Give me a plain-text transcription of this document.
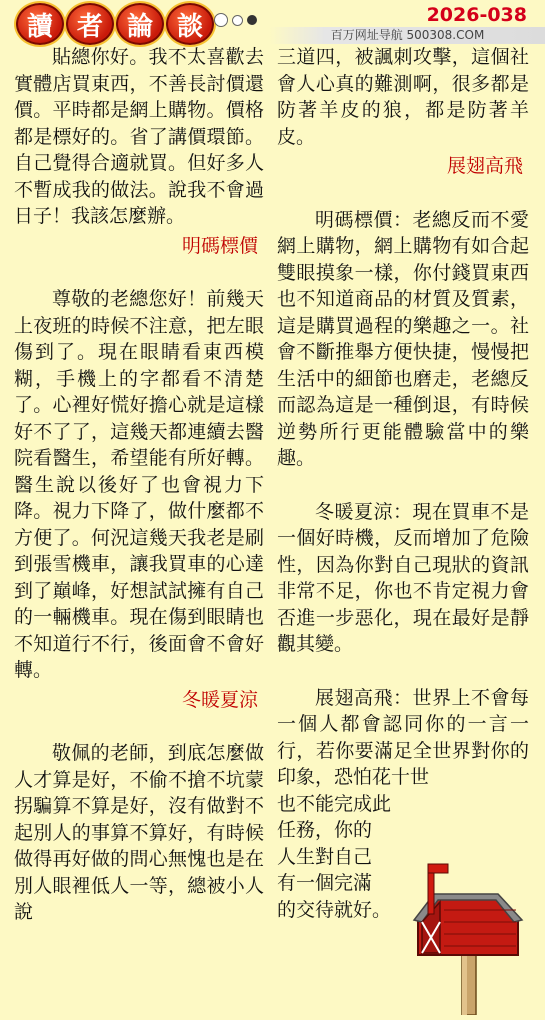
讀 者 論 談	2026-038
百万网址导航 500308.COM

貼總你好。我不太喜歡去實體店買東西，不善長討價還價。平時都是網上購物。價格都是標好的。省了講價環節。自己覺得合適就買。但好多人不暫成我的做法。說我不會過日子！我該怎麼辦。

明碼標價

尊敬的老總您好！前幾天上夜班的時候不注意，把左眼傷到了。現在眼睛看東西模糊，手機上的字都看不清楚了。心裡好慌好擔心就是這樣好不了了，這幾天都連續去醫院看醫生，希望能有所好轉。醫生說以後好了也會視力下降。視力下降了，做什麼都不方便了。何況這幾天我老是刷到張雪機車，讓我買車的心達到了巔峰，好想試試擁有自己的一輛機車。現在傷到眼睛也不知道行不行，後面會不會好轉。

冬暖夏涼

敬佩的老師，到底怎麼做人才算是好，不偷不搶不坑蒙拐騙算不算是好，沒有做對不起別人的事算不算好，有時候做得再好做的問心無愧也是在別人眼裡低人一等，總被小人說

三道四，被諷刺攻擊，這個社會人心真的難測啊，很多都是防著羊皮的狼，都是防著羊皮。

展翅高飛

明碼標價：老總反而不愛網上購物，網上購物有如合起雙眼摸象一樣，你付錢買東西也不知道商品的材質及質素，這是購買過程的樂趣之一。社會不斷推舉方便快捷，慢慢把生活中的細節也磨走，老總反而認為這是一種倒退，有時候逆勢所行更能體驗當中的樂趣。

冬暖夏涼：現在買車不是一個好時機，反而增加了危險性，因為你對自己現狀的資訊非常不足，你也不肯定視力會否進一步惡化，現在最好是靜觀其變。

展翅高飛：世界上不會每一個人都會認同你的一言一行，若你要滿足全世界對你的印象，恐怕花十世

也不能完成此
任務，你的
人生對自己
有一個完滿
的交待就好。
